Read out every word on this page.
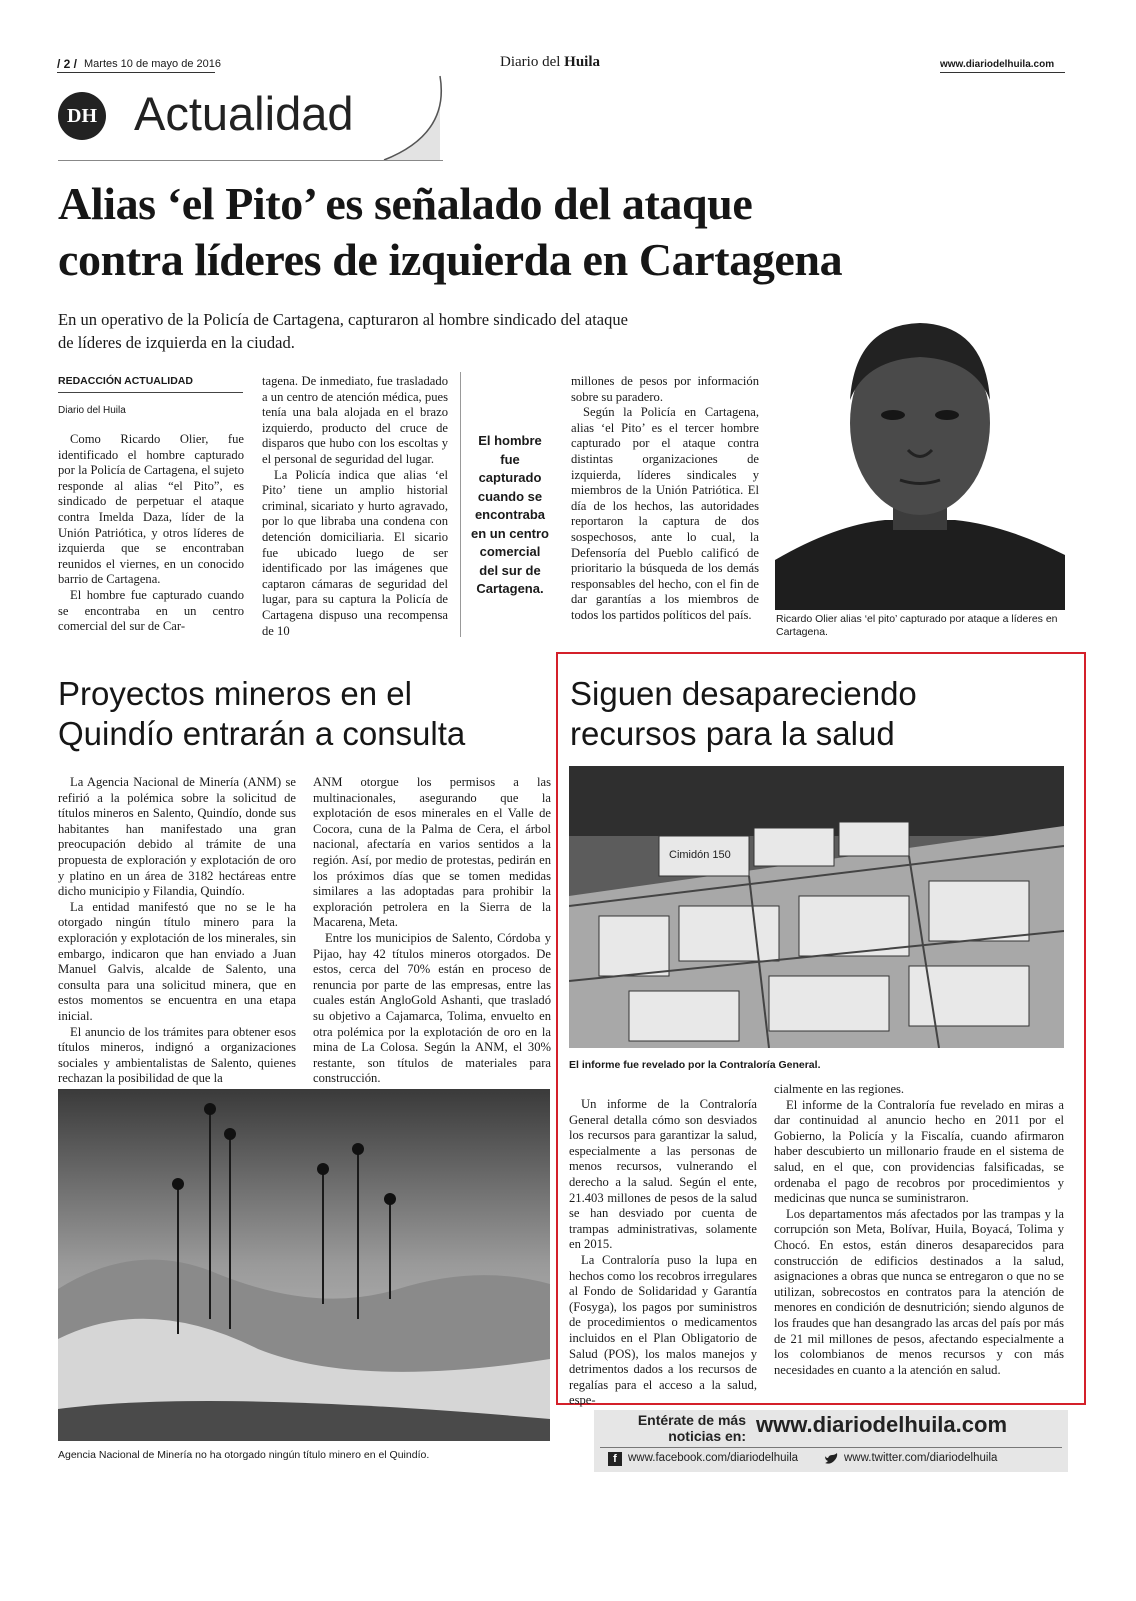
/ 2 / Martes 10 de mayo de 2016	Diario del Huila	www.diariodelhuila.com
DH Actualidad
Alias ‘el Pito’ es señalado del ataque
contra líderes de izquierda en Cartagena
En un operativo de la Policía de Cartagena, capturaron al hombre sindicado del ataque
de líderes de izquierda en la ciudad.
REDACCIÓN ACTUALIDAD
Diario del Huila

Como Ricardo Olier, fue identificado el hombre capturado por la Policía de Cartagena, el sujeto responde al alias “el Pito”, es sindicado de perpetuar el ataque contra Imelda Daza, líder de la Unión Patriótica, y otros líderes de izquierda que se encontraban reunidos el viernes, en un conocido barrio de Cartagena.

El hombre fue capturado cuando se encontraba en un centro comercial del sur de Car-

tagena. De inmediato, fue trasladado a un centro de atención médica, pues tenía una bala alojada en el brazo izquierdo, producto del cruce de disparos que hubo con los escoltas y el personal de seguridad del lugar.

La Policía indica que alias ‘el Pito’ tiene un amplio historial criminal, sicariato y hurto agravado, por lo que libraba una condena con detención domiciliaria. El sicario fue ubicado luego de ser identificado por las imágenes que captaron cámaras de seguridad del lugar, para su captura la Policía de Cartagena dispuso una recompensa de 10

El hombre fue capturado cuando se encontraba en un centro comercial del sur de Cartagena.

millones de pesos por información sobre su paradero.

Según la Policía en Cartagena, alias ‘el Pito’ es el tercer hombre capturado por el ataque contra distintas organizaciones de izquierda, líderes sindicales y miembros de la Unión Patriótica. El día de los hechos, las autoridades reportaron la captura de dos sospechosos, ante lo cual, la Defensoría del Pueblo calificó de prioritario la búsqueda de los demás responsables del hecho, con el fin de dar garantías a los miembros de todos los partidos políticos del país.	Ricardo Olier alias ‘el pito’ capturado por ataque a líderes en Cartagena.
Proyectos mineros en el
Quindío entrarán a consulta

La Agencia Nacional de Minería (ANM) se refirió a la polémica sobre la solicitud de títulos mineros en Salento, Quindío, donde sus habitantes han manifestado una gran preocupación debido al trámite de una propuesta de exploración y explotación de oro y platino en un área de 3182 hectáreas entre dicho municipio y Filandia, Quindío.

La entidad manifestó que no se le ha otorgado ningún título minero para la exploración y explotación de los minerales, sin embargo, indicaron que han enviado a Juan Manuel Galvis, alcalde de Salento, una consulta para una solicitud minera, que en estos momentos se encuentra en una etapa inicial.

El anuncio de los trámites para obtener esos títulos mineros, indignó a organizaciones sociales y ambientalistas de Salento, quienes rechazan la posibilidad de que la

ANM otorgue los permisos a las multinacionales, asegurando que la explotación de esos minerales en el Valle de Cocora, cuna de la Palma de Cera, el árbol nacional, afectaría en varios sentidos a la región. Así, por medio de protestas, pedirán en los próximos días que se tomen medidas similares a las adoptadas para prohibir la exploración petrolera en la Sierra de la Macarena, Meta.

Entre los municipios de Salento, Córdoba y Pijao, hay 42 títulos mineros otorgados. De estos, cerca del 70% están en proceso de renuncia por parte de las empresas, entre las cuales están AngloGold Ashanti, que trasladó su objetivo a Cajamarca, Tolima, envuelto en otra polémica por la explotación de oro en la mina de La Colosa. Según la ANM, el 30% restante, son títulos de materiales para construcción.

Agencia Nacional de Minería no ha otorgado ningún título minero en el Quindío.
Siguen desapareciendo
recursos para la salud
Cimidón 150
El informe fue revelado por la Contraloría General.

Un informe de la Contraloría General detalla cómo son desviados los recursos para garantizar la salud, especialmente a las personas de menos recursos, vulnerando el derecho a la salud. Según el ente, 21.403 millones de pesos de la salud se han desviado por cuenta de trampas administrativas, solamente en 2015.

La Contraloría puso la lupa en hechos como los recobros irregulares al Fondo de Solidaridad y Garantía (Fosyga), los pagos por suministros de procedimientos o medicamentos incluidos en el Plan Obligatorio de Salud (POS), los malos manejos y detrimentos dados a los recursos de regalías para el acceso a la salud, espe-

cialmente en las regiones.

El informe de la Contraloría fue revelado en miras a dar continuidad al anuncio hecho en 2011 por el Gobierno, la Policía y la Fiscalía, cuando afirmaron haber descubierto un millonario fraude en el sistema de salud, en el que, con providencias falsificadas, se ordenaba el pago de recobros por procedimientos y medicinas que nunca se suministraron.

Los departamentos más afectados por las trampas y la corrupción son Meta, Bolívar, Huila, Boyacá, Tolima y Chocó. En estos, están dineros desaparecidos para construcción de edificios destinados a la salud, asignaciones a obras que nunca se entregaron o que no se utilizan, sobrecostos en contratos para la atención de menores en condición de desnutrición; siendo algunos de los fraudes que han desangrado las arcas del país por más de 21 mil millones de pesos, afectando especialmente a los colombianos de menos recursos y con más necesidades en cuanto a la atención en salud.

Entérate de más
noticias en: www.diariodelhuila.com
f www.facebook.com/diariodelhuila	www.twitter.com/diariodelhuila
